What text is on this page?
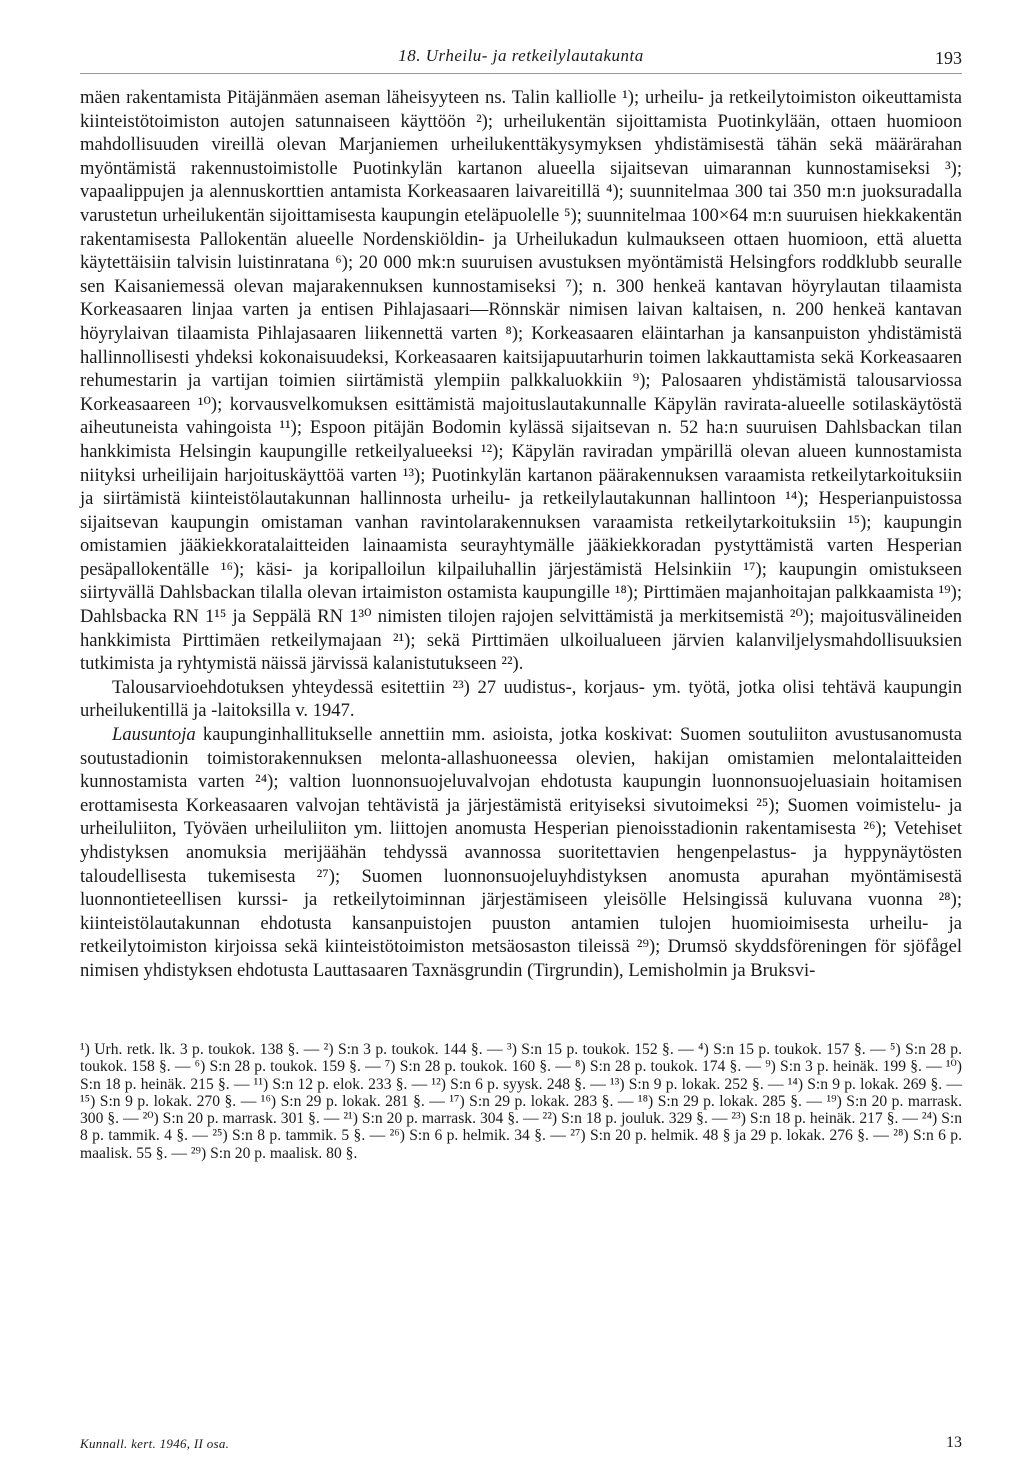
18. Urheilu- ja retkeilylautakunta	193

mäen rakentamista Pitäjänmäen aseman läheisyyteen ns. Talin kalliolle ¹); urheilu- ja retkeilytoimiston oikeuttamista kiinteistötoimiston autojen satunnaiseen käyttöön ²); urheilukentän sijoittamista Puotinkylään, ottaen huomioon mahdollisuuden vireillä olevan Marjaniemen urheilukenttäkysymyksen yhdistämisestä tähän sekä määrärahan myöntämistä rakennustoimistolle Puotinkylän kartanon alueella sijaitsevan uimarannan kunnostamiseksi ³); vapaalippujen ja alennuskorttien antamista Korkeasaaren laivareitillä ⁴); suunnitelmaa 300 tai 350 m:n juoksuradalla varustetun urheilukentän sijoittamisesta kaupungin eteläpuolelle ⁵); suunnitelmaa 100×64 m:n suuruisen hiekkakentän rakentamisesta Pallokentän alueelle Nordenskiöldin- ja Urheilukadun kulmaukseen ottaen huomioon, että aluetta käytettäisiin talvisin luistinratana ⁶); 20 000 mk:n suuruisen avustuksen myöntämistä Helsingfors roddklubb seuralle sen Kaisaniemessä olevan majarakennuksen kunnostamiseksi ⁷); n. 300 henkeä kantavan höyrylautan tilaamista Korkeasaaren linjaa varten ja entisen Pihlajasaari—Rönnskär nimisen laivan kaltaisen, n. 200 henkeä kantavan höyrylaivan tilaamista Pihlajasaaren liikennettä varten ⁸); Korkeasaaren eläintarhan ja kansanpuiston yhdistämistä hallinnollisesti yhdeksi kokonaisuudeksi, Korkeasaaren kaitsijapuutarhurin toimen lakkauttamista sekä Korkeasaaren rehumestarin ja vartijan toimien siirtämistä ylempiin palkkaluokkiin ⁹); Palosaaren yhdistämistä talousarviossa Korkeasaareen ¹⁰); korvausvelkomuksen esittämistä majoituslautakunnalle Käpylän ravirata-alueelle sotilaskäytöstä aiheutuneista vahingoista ¹¹); Espoon pitäjän Bodomin kylässä sijaitsevan n. 52 ha:n suuruisen Dahlsbackan tilan hankkimista Helsingin kaupungille retkeilyalueeksi ¹²); Käpylän raviradan ympärillä olevan alueen kunnostamista niityksi urheilijain harjoituskäyttöä varten ¹³); Puotinkylän kartanon päärakennuksen varaamista retkeilytarkoituksiin ja siirtämistä kiinteistölautakunnan hallinnosta urheilu- ja retkeilylautakunnan hallintoon ¹⁴); Hesperianpuistossa sijaitsevan kaupungin omistaman vanhan ravintolarakennuksen varaamista retkeilytarkoituksiin ¹⁵); kaupungin omistamien jääkiekkoratalaitteiden lainaamista seurayhtymälle jääkiekkoradan pystyttämistä varten Hesperian pesäpallokentälle ¹⁶); käsi- ja koripalloilun kilpailuhallin järjestämistä Helsinkiin ¹⁷); kaupungin omistukseen siirtyvällä Dahlsbackan tilalla olevan irtaimiston ostamista kaupungille ¹⁸); Pirttimäen majanhoitajan palkkaamista ¹⁹); Dahlsbacka RN 1¹⁵ ja Seppälä RN 1³⁰ nimisten tilojen rajojen selvittämistä ja merkitsemistä ²⁰); majoitusvälineiden hankkimista Pirttimäen retkeilymajaan ²¹); sekä Pirttimäen ulkoilualueen järvien kalanviljelysmahdollisuuksien tutkimista ja ryhtymistä näissä järvissä kalanistutukseen ²²).

Talousarvioehdotuksen yhteydessä esitettiin ²³) 27 uudistus-, korjaus- ym. työtä, jotka olisi tehtävä kaupungin urheilukentillä ja -laitoksilla v. 1947.

Lausuntoja kaupunginhallitukselle annettiin mm. asioista, jotka koskivat: Suomen soutuliiton avustusanomusta soutustadionin toimistorakennuksen melonta-allashuoneessa olevien, hakijan omistamien melontalaitteiden kunnostamista varten ²⁴); valtion luonnonsuojeluvalvojan ehdotusta kaupungin luonnonsuojeluasiain hoitamisen erottamisesta Korkeasaaren valvojan tehtävistä ja järjestämistä erityiseksi sivutoimeksi ²⁵); Suomen voimistelu- ja urheiluliiton, Työväen urheiluliiton ym. liittojen anomusta Hesperian pienoisstadionin rakentamisesta ²⁶); Vetehiset yhdistyksen anomuksia merijäähän tehdyssä avannossa suoritettavien hengenpelastus- ja hyppynäytösten taloudellisesta tukemisesta ²⁷); Suomen luonnonsuojeluyhdistyksen anomusta apurahan myöntämisestä luonnontieteellisen kurssi- ja retkeilytoiminnan järjestämiseen yleisölle Helsingissä kuluvana vuonna ²⁸); kiinteistölautakunnan ehdotusta kansanpuistojen puuston antamien tulojen huomioimisesta urheilu- ja retkeilytoimiston kirjoissa sekä kiinteistötoimiston metsäosaston tileissä ²⁹); Drumsö skyddsföreningen för sjöfågel nimisen yhdistyksen ehdotusta Lauttasaaren Taxnäsgrundin (Tirgrundin), Lemisholmin ja Bruksvi-

¹) Urh. retk. lk. 3 p. toukok. 138 §. — ²) S:n 3 p. toukok. 144 §. — ³) S:n 15 p. toukok. 152 §. — ⁴) S:n 15 p. toukok. 157 §. — ⁵) S:n 28 p. toukok. 158 §. — ⁶) S:n 28 p. toukok. 159 §. — ⁷) S:n 28 p. toukok. 160 §. — ⁸) S:n 28 p. toukok. 174 §. — ⁹) S:n 3 p. heinäk. 199 §. — ¹⁰) S:n 18 p. heinäk. 215 §. — ¹¹) S:n 12 p. elok. 233 §. — ¹²) S:n 6 p. syysk. 248 §. — ¹³) S:n 9 p. lokak. 252 §. — ¹⁴) S:n 9 p. lokak. 269 §. — ¹⁵) S:n 9 p. lokak. 270 §. — ¹⁶) S:n 29 p. lokak. 281 §. — ¹⁷) S:n 29 p. lokak. 283 §. — ¹⁸) S:n 29 p. lokak. 285 §. — ¹⁹) S:n 20 p. marrask. 300 §. — ²⁰) S:n 20 p. marrask. 301 §. — ²¹) S:n 20 p. marrask. 304 §. — ²²) S:n 18 p. jouluk. 329 §. — ²³) S:n 18 p. heinäk. 217 §. — ²⁴) S:n 8 p. tammik. 4 §. — ²⁵) S:n 8 p. tammik. 5 §. — ²⁶) S:n 6 p. helmik. 34 §. — ²⁷) S:n 20 p. helmik. 48 § ja 29 p. lokak. 276 §. — ²⁸) S:n 6 p. maalisk. 55 §. — ²⁹) S:n 20 p. maalisk. 80 §.

Kunnall. kert. 1946, II osa.	13
